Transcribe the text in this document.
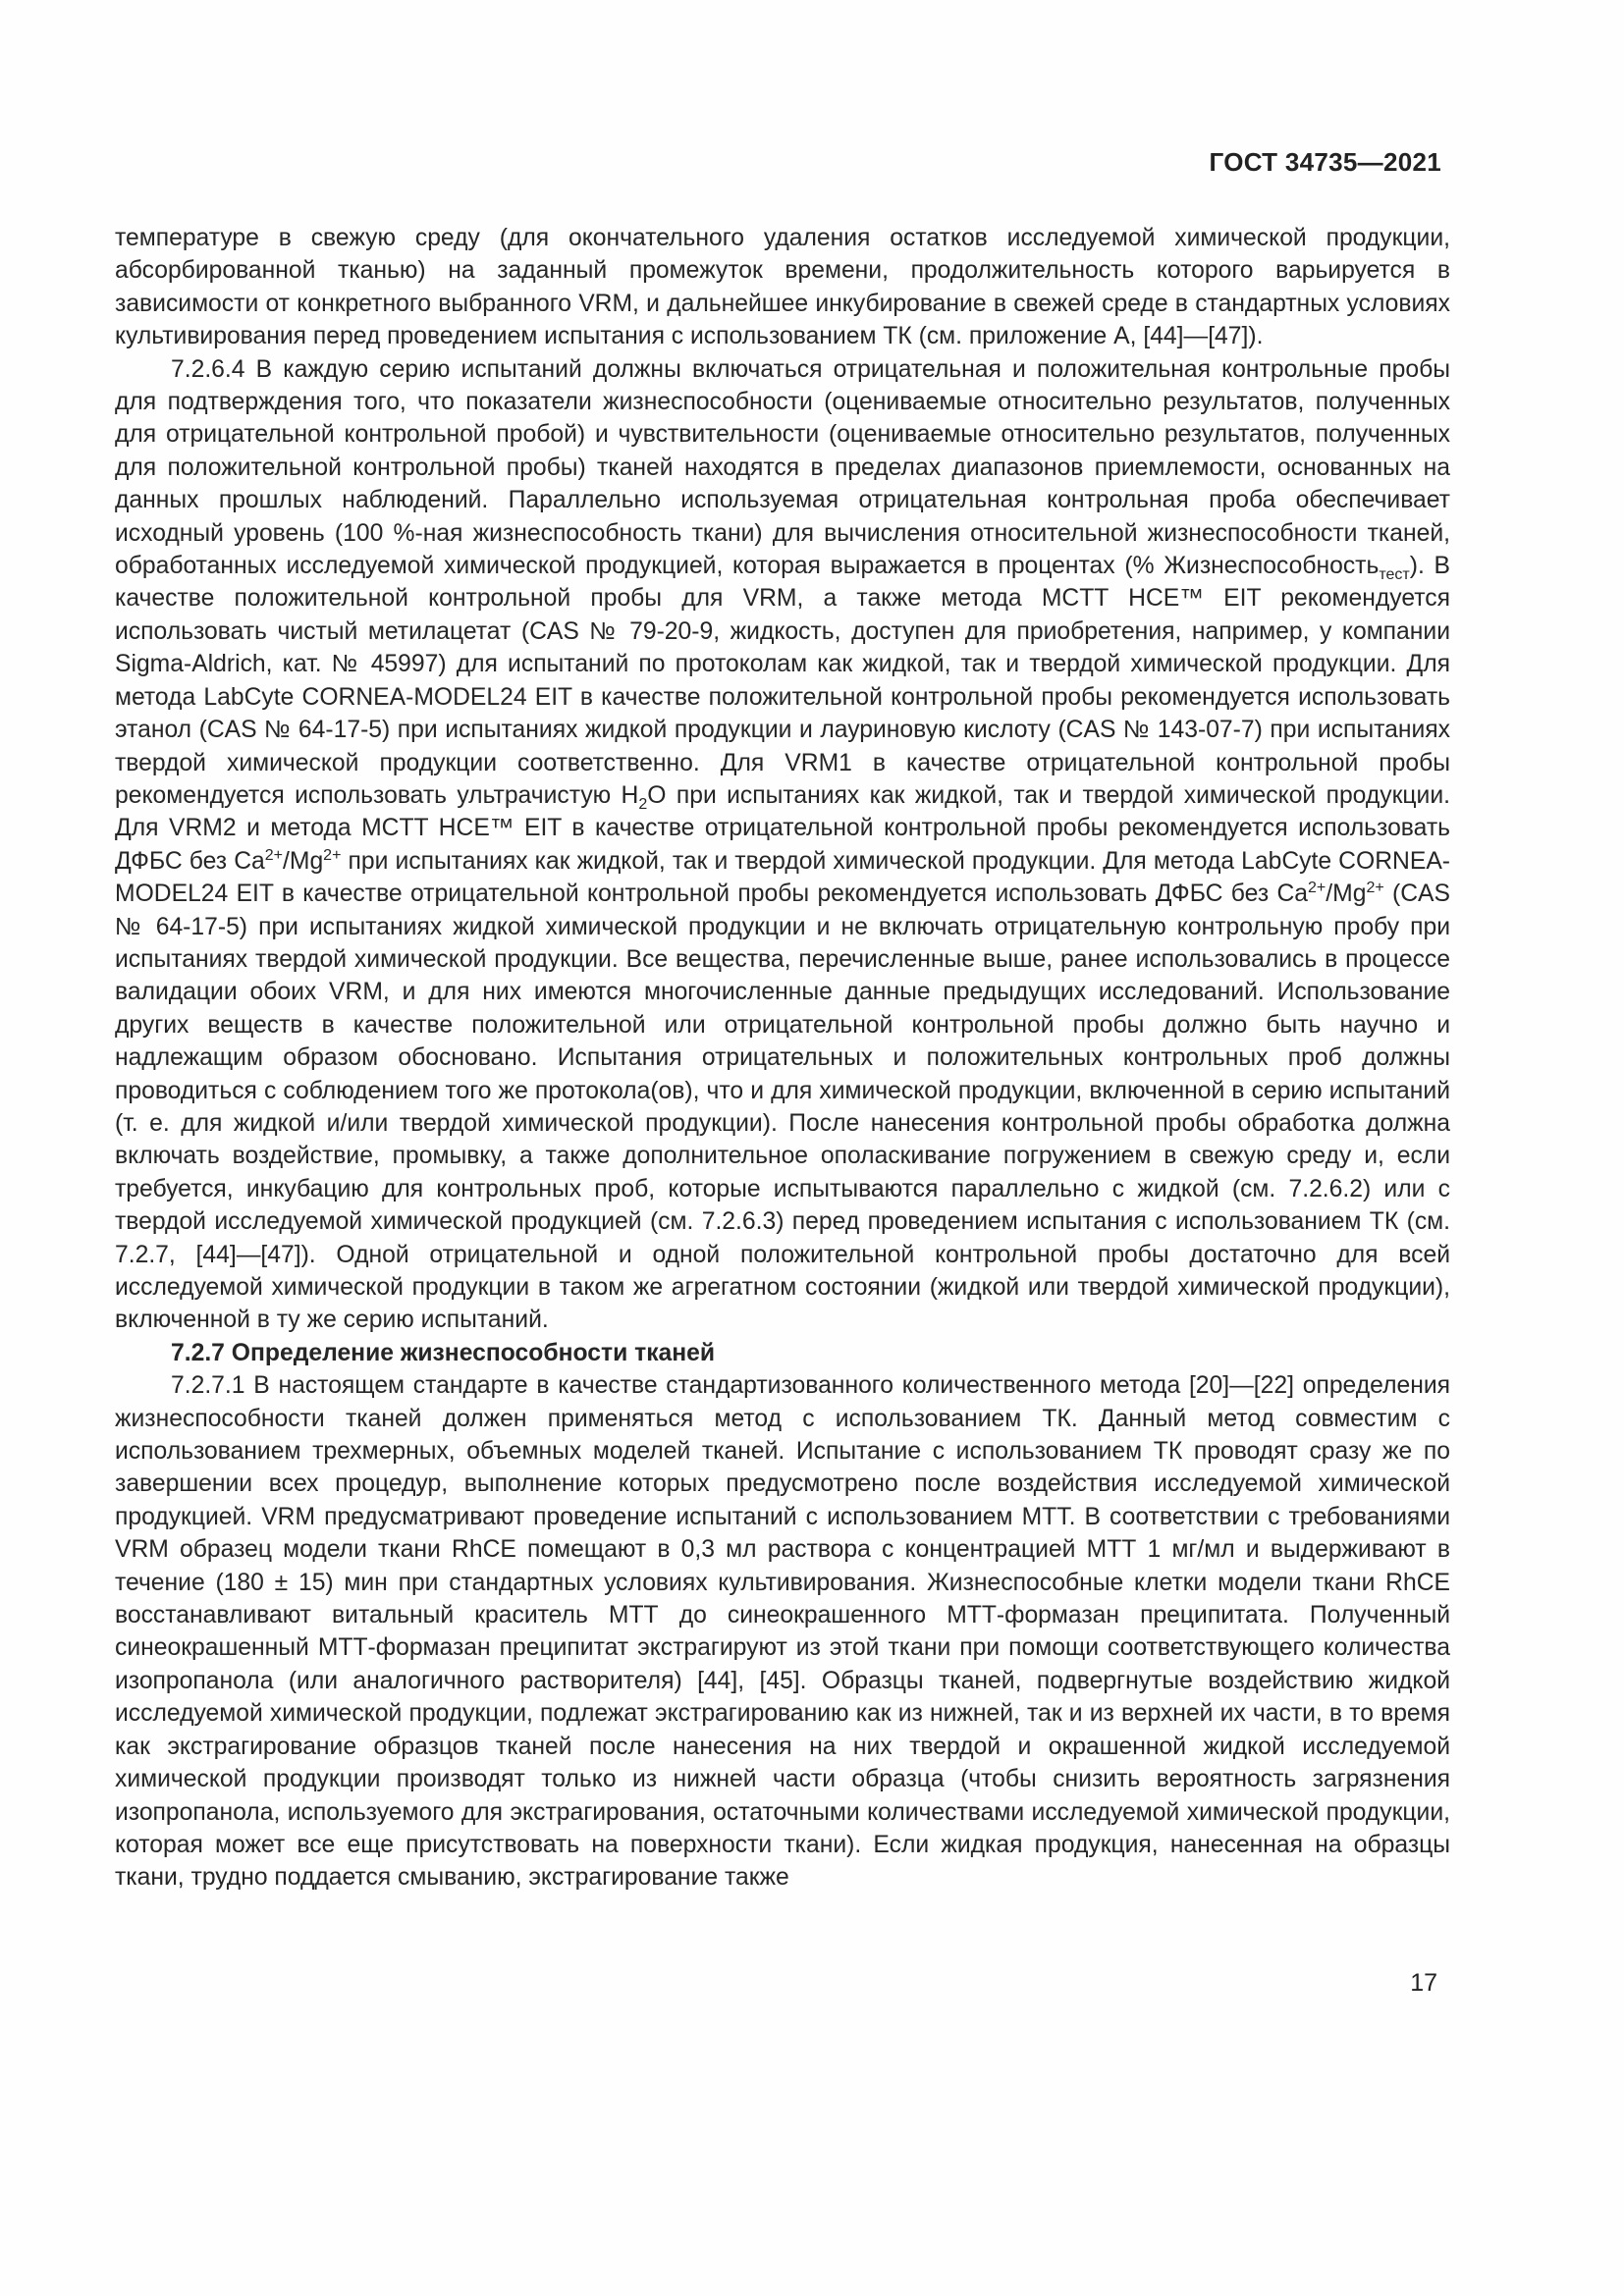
ГОСТ 34735—2021

температуре в свежую среду (для окончательного удаления остатков исследуемой химической продукции, абсорбированной тканью) на заданный промежуток времени, продолжительность которого варьируется в зависимости от конкретного выбранного VRM, и дальнейшее инкубирование в свежей среде в стандартных условиях культивирования перед проведением испытания с использованием ТК (см. приложение А, [44]—[47]).

7.2.6.4 В каждую серию испытаний должны включаться отрицательная и положительная контрольные пробы для подтверждения того, что показатели жизнеспособности (оцениваемые относительно результатов, полученных для отрицательной контрольной пробой) и чувствительности (оцениваемые относительно результатов, полученных для положительной контрольной пробы) тканей находятся в пределах диапазонов приемлемости, основанных на данных прошлых наблюдений. Параллельно используемая отрицательная контрольная проба обеспечивает исходный уровень (100 %-ная жизнеспособность ткани) для вычисления относительной жизнеспособности тканей, обработанных исследуемой химической продукцией, которая выражается в процентах (% Жизнеспособность$_{тест}$). В качестве положительной контрольной пробы для VRM, а также метода MCTT HCE™ EIT рекомендуется использовать чистый метилацетат (CAS № 79-20-9, жидкость, доступен для приобретения, например, у компании Sigma-Aldrich, кат. № 45997) для испытаний по протоколам как жидкой, так и твердой химической продукции. Для метода LabCyte CORNEA-MODEL24 EIT в качестве положительной контрольной пробы рекомендуется использовать этанол (CAS № 64-17-5) при испытаниях жидкой продукции и лауриновую кислоту (CAS № 143-07-7) при испытаниях твердой химической продукции соответственно. Для VRM1 в качестве отрицательной контрольной пробы рекомендуется использовать ультрачистую $H_2O$ при испытаниях как жидкой, так и твердой химической продукции. Для VRM2 и метода MCTT HCE™ EIT в качестве отрицательной контрольной пробы рекомендуется использовать ДФБС без $Ca^{2+}/Mg^{2+}$ при испытаниях как жидкой, так и твердой химической продукции. Для метода LabCyte CORNEA-MODEL24 EIT в качестве отрицательной контрольной пробы рекомендуется использовать ДФБС без $Ca^{2+}/Mg^{2+}$ (CAS № 64-17-5) при испытаниях жидкой химической продукции и не включать отрицательную контрольную пробу при испытаниях твердой химической продукции. Все вещества, перечисленные выше, ранее использовались в процессе валидации обоих VRM, и для них имеются многочисленные данные предыдущих исследований. Использование других веществ в качестве положительной или отрицательной контрольной пробы должно быть научно и надлежащим образом обосновано. Испытания отрицательных и положительных контрольных проб должны проводиться с соблюдением того же протокола(ов), что и для химической продукции, включенной в серию испытаний (т. е. для жидкой и/или твердой химической продукции). После нанесения контрольной пробы обработка должна включать воздействие, промывку, а также дополнительное ополаскивание погружением в свежую среду и, если требуется, инкубацию для контрольных проб, которые испытываются параллельно с жидкой (см. 7.2.6.2) или с твердой исследуемой химической продукцией (см. 7.2.6.3) перед проведением испытания с использованием ТК (см. 7.2.7, [44]—[47]). Одной отрицательной и одной положительной контрольной пробы достаточно для всей исследуемой химической продукции в таком же агрегатном состоянии (жидкой или твердой химической продукции), включенной в ту же серию испытаний.

7.2.7 Определение жизнеспособности тканей

7.2.7.1 В настоящем стандарте в качестве стандартизованного количественного метода [20]—[22] определения жизнеспособности тканей должен применяться метод с использованием ТК. Данный метод совместим с использованием трехмерных, объемных моделей тканей. Испытание с использованием ТК проводят сразу же по завершении всех процедур, выполнение которых предусмотрено после воздействия исследуемой химической продукцией. VRM предусматривают проведение испытаний с использованием МТТ. В соответствии с требованиями VRM образец модели ткани RhCE помещают в 0,3 мл раствора с концентрацией МТТ 1 мг/мл и выдерживают в течение (180 ± 15) мин при стандартных условиях культивирования. Жизнеспособные клетки модели ткани RhCE восстанавливают витальный краситель МТТ до синеокрашенного МТТ-формазан преципитата. Полученный синеокрашенный МТТ-формазан преципитат экстрагируют из этой ткани при помощи соответствующего количества изопропанола (или аналогичного растворителя) [44], [45]. Образцы тканей, подвергнутые воздействию жидкой исследуемой химической продукции, подлежат экстрагированию как из нижней, так и из верхней их части, в то время как экстрагирование образцов тканей после нанесения на них твердой и окрашенной жидкой исследуемой химической продукции производят только из нижней части образца (чтобы снизить вероятность загрязнения изопропанола, используемого для экстрагирования, остаточными количествами исследуемой химической продукции, которая может все еще присутствовать на поверхности ткани). Если жидкая продукция, нанесенная на образцы ткани, трудно поддается смыванию, экстрагирование также

17
